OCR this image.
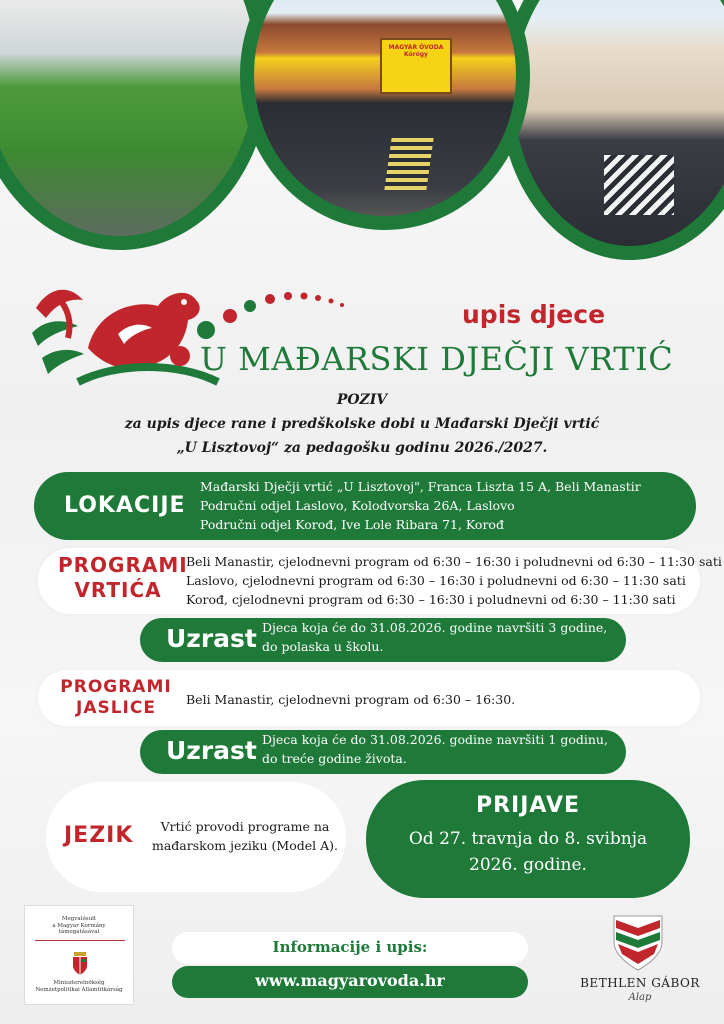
MAGYAR ÓVODA Kórógy
upis djece
U MAĐARSKI DJEČJI VRTIĆ
POZIV
za upis djece rane i predškolske dobi u Mađarski Dječji vrtić
„U Lisztovoj“ za pedagošku godinu 2026./2027.
LOKACIJE
Mađarski Dječji vrtić „U Lisztovoj", Franca Liszta 15 A, Beli Manastir
Područni odjel Laslovo, Kolodvorska 26A, Laslovo
Područni odjel Korođ, Ive Lole Ribara 71, Korođ
PROGRAMI
VRTIĆA
Beli Manastir, cjelodnevni program od 6:30 – 16:30 i poludnevni od 6:30 – 11:30 sati
Laslovo, cjelodnevni program od 6:30 – 16:30 i poludnevni od 6:30 – 11:30 sati
Korođ, cjelodnevni program od 6:30 – 16:30 i poludnevni od 6:30 – 11:30 sati
Uzrast Djeca koja će do 31.08.2026. godine navršiti 3 godine,
do polaska u školu.
PROGRAMI
JASLICE	Beli Manastir, cjelodnevni program od 6:30 – 16:30.
Uzrast Djeca koja će do 31.08.2026. godine navršiti 1 godinu,
do treće godine života.
JEZIK	Vrtić provodi programe na
mađarskom jeziku (Model A).
PRIJAVE
Od 27. travnja do 8. svibnja
2026. godine.
Megvalósult
a Magyar Kormány
támogatásával
Miniszterelnökség
Nemzetpolitikai Államtitkárság
Informacije i upis:
www.magyarovoda.hr	BETHLEN GÁBOR
Alap
